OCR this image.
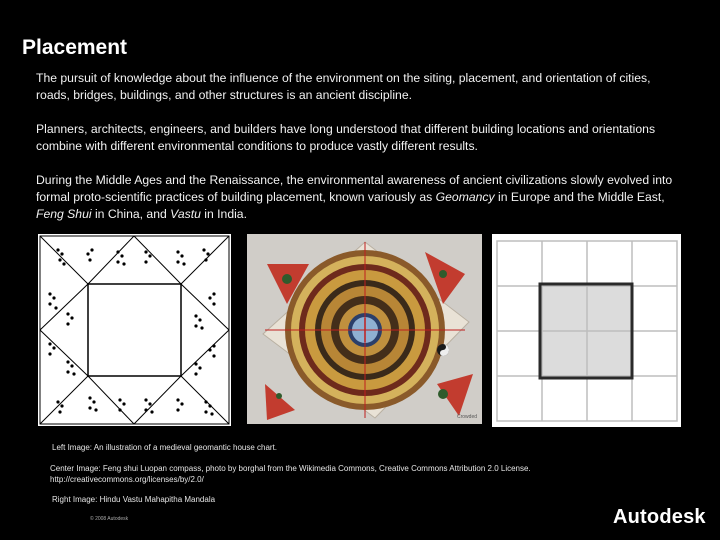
Placement
The pursuit of knowledge about the influence of the environment on the siting, placement, and orientation of cities, roads, bridges, buildings, and other structures is an ancient discipline.
Planners, architects, engineers, and builders have long understood that different building locations and orientations combine with different environmental conditions to produce vastly different results.
During the Middle Ages and the Renaissance, the environmental awareness of ancient civilizations slowly evolved into formal proto-scientific practices of building placement, known variously as Geomancy in Europe and the Middle East, Feng Shui in China, and Vastu in India.
Crowded
Left Image: An illustration of a medieval geomantic house chart.
Center Image: Feng shui Luopan compass, photo by borghal from the Wikimedia Commons, Creative Commons Attribution 2.0 License. http://creativecommons.org/licenses/by/2.0/
Right Image: Hindu Vastu Mahapitha Mandala
© 2008 Autodesk	Autodesk
